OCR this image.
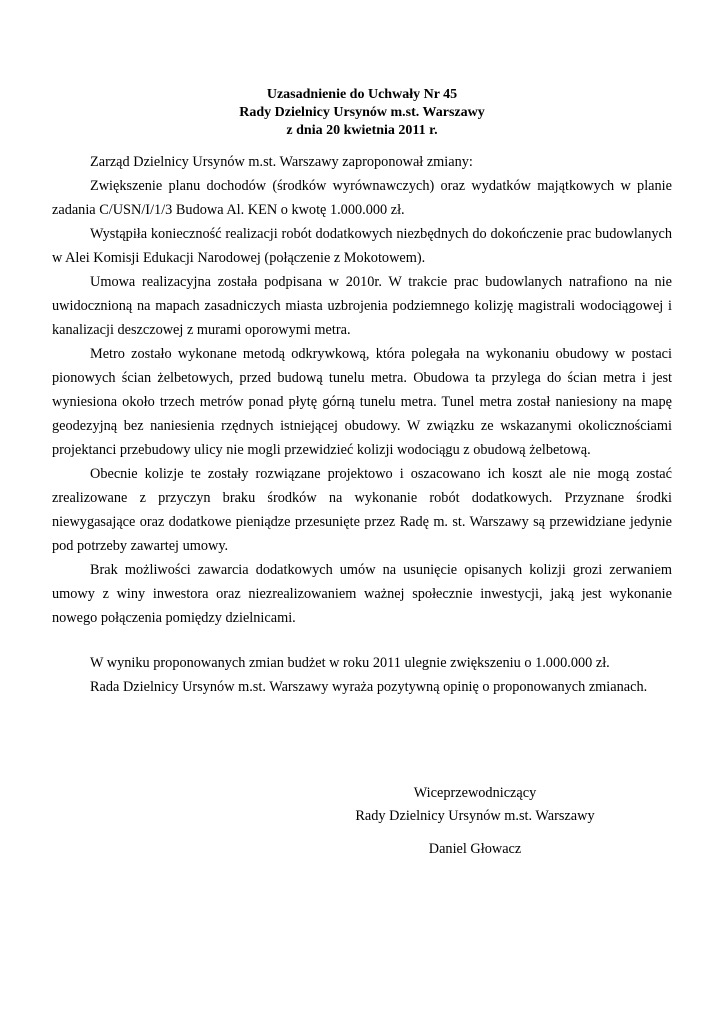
Uzasadnienie do Uchwały Nr 45
Rady Dzielnicy Ursynów m.st. Warszawy
z dnia 20 kwietnia 2011 r.

Zarząd Dzielnicy Ursynów m.st. Warszawy zaproponował zmiany:

Zwiększenie planu dochodów (środków wyrównawczych) oraz wydatków majątkowych w planie zadania C/USN/I/1/3 Budowa Al. KEN o kwotę 1.000.000 zł.

Wystąpiła konieczność realizacji robót dodatkowych niezbędnych do dokończenie prac budowlanych w Alei Komisji Edukacji Narodowej (połączenie z Mokotowem).

Umowa realizacyjna została podpisana w 2010r. W trakcie prac budowlanych natrafiono na nie uwidocznioną na mapach zasadniczych miasta uzbrojenia podziemnego kolizję magistrali wodociągowej i kanalizacji deszczowej z murami oporowymi metra.

Metro zostało wykonane metodą odkrywkową, która polegała na wykonaniu obudowy w postaci pionowych ścian żelbetowych, przed budową tunelu metra. Obudowa ta przylega do ścian metra i jest wyniesiona około trzech metrów ponad płytę górną tunelu metra. Tunel metra został naniesiony na mapę geodezyjną bez naniesienia rzędnych istniejącej obudowy. W związku ze wskazanymi okolicznościami projektanci przebudowy ulicy nie mogli przewidzieć kolizji wodociągu z obudową żelbetową.

Obecnie kolizje te zostały rozwiązane projektowo i oszacowano ich koszt ale nie mogą zostać zrealizowane z przyczyn braku środków na wykonanie robót dodatkowych. Przyznane środki niewygasające oraz dodatkowe pieniądze przesunięte przez Radę m. st. Warszawy są przewidziane jedynie pod potrzeby zawartej umowy.

Brak możliwości zawarcia dodatkowych umów na usunięcie opisanych kolizji grozi zerwaniem umowy z winy inwestora oraz niezrealizowaniem ważnej społecznie inwestycji, jaką jest wykonanie nowego połączenia pomiędzy dzielnicami.

W wyniku proponowanych zmian budżet w roku 2011 ulegnie zwiększeniu o 1.000.000 zł.

Rada Dzielnicy Ursynów m.st. Warszawy wyraża pozytywną opinię o proponowanych zmianach.

Wiceprzewodniczący
Rady Dzielnicy Ursynów m.st. Warszawy
Daniel Głowacz
